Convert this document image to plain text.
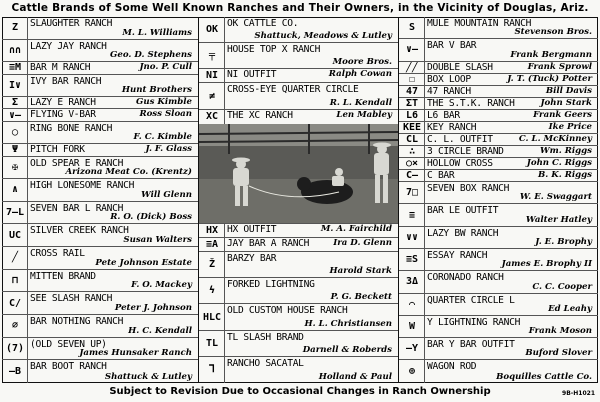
Cattle Brands of Some Well Known Ranches and Their Owners, in the Vicinity of Douglas, Ariz.
Z	SLAUGHTER RANCH
M. L. Williams
∩∩ LAZY JAY RANCH
Geo. D. Stephens
≡M BAR M RANCH	Jno. P. Cull
I∨ IVY BAR RANCH
Hunt Brothers
Σ	LAZY E RANCH	Gus Kimble
∨– FLYING V-BAR	Ross Sloan
◯	RING BONE RANCH
F. C. Kimble
Ψ	PITCH FORK	J. F. Glass
✠	OLD SPEAR E RANCH
Arizona Meat Co. (Krentz)
∧	HIGH LONESOME RANCH
Will Glenn
7—L SEVEN BAR L RANCH
R. O. (Dick) Boss
UC SILVER CREEK RANCH
Susan Walters
╱	CROSS RAIL
Pete Johnson Estate
⊓	MITTEN BRAND
F. O. Mackey
C/ SEE SLASH RANCH
Peter J. Johnson
∅	BAR NOTHING RANCH
H. C. Kendall
(7) (OLD SEVEN UP)
James Hunsaker Ranch
—B BAR BOOT RANCH
Shattuck & Lutley
OK
OK CATTLE CO.
Shattuck, Meadows & Lutley
╤
HOUSE TOP X RANCH
Moore Bros.
NI NI OUTFIT	Ralph Cowan
≠
CROSS-EYE QUARTER CIRCLE
R. L. Kendall
XC THE XC RANCH	Len Mabley
HX HX OUTFIT	M. A. Fairchild
≡A JAY BAR A RANCH	Ira D. Glenn
Ž
BARZY BAR
Harold Stark
ϟ
FORKED LIGHTNING
P. G. Beckett
HLC
OLD CUSTOM HOUSE RANCH
H. L. Christiansen
TL
TL SLASH BRAND
Darnell & Roberds
⅂
RANCHO SACATAL
Holland & Paul
S	MULE MOUNTAIN RANCH
Stevenson Bros.
∨— BAR V BAR
Frank Bergmann
╱╱ DOUBLE SLASH	Frank Sprowl
☐	BOX LOOP	J. T. (Tuck) Potter
47 47 RANCH	Bill Davis
ΣΤ THE S.T.K. RANCH	John Stark
L6 L6 BAR	Frank Geers
KEE KEY RANCH	Ike Price
CL C. L. OUTFIT	C. L. McKinney
∴	3 CIRCLE BRAND	Wm. Riggs
○× HOLLOW CROSS	John C. Riggs
C— C BAR	B. K. Riggs
7□ SEVEN BOX RANCH
W. E. Swaggart
≡	BAR LE OUTFIT
Walter Hatley
∨∨ LAZY BW RANCH
J. E. Brophy
≡S ESSAY RANCH
James E. Brophy II
3Δ CORONADO RANCH
C. C. Cooper
⌒	QUARTER CIRCLE L
Ed Leahy
W	Y LIGHTNING RANCH
Frank Moson
—Y BAR Y BAR OUTFIT
Buford Slover
⊕	WAGON ROD
Boquilles Cattle Co.
Subject to Revision Due to Occasional Changes in Ranch Ownership	9B-H1021
